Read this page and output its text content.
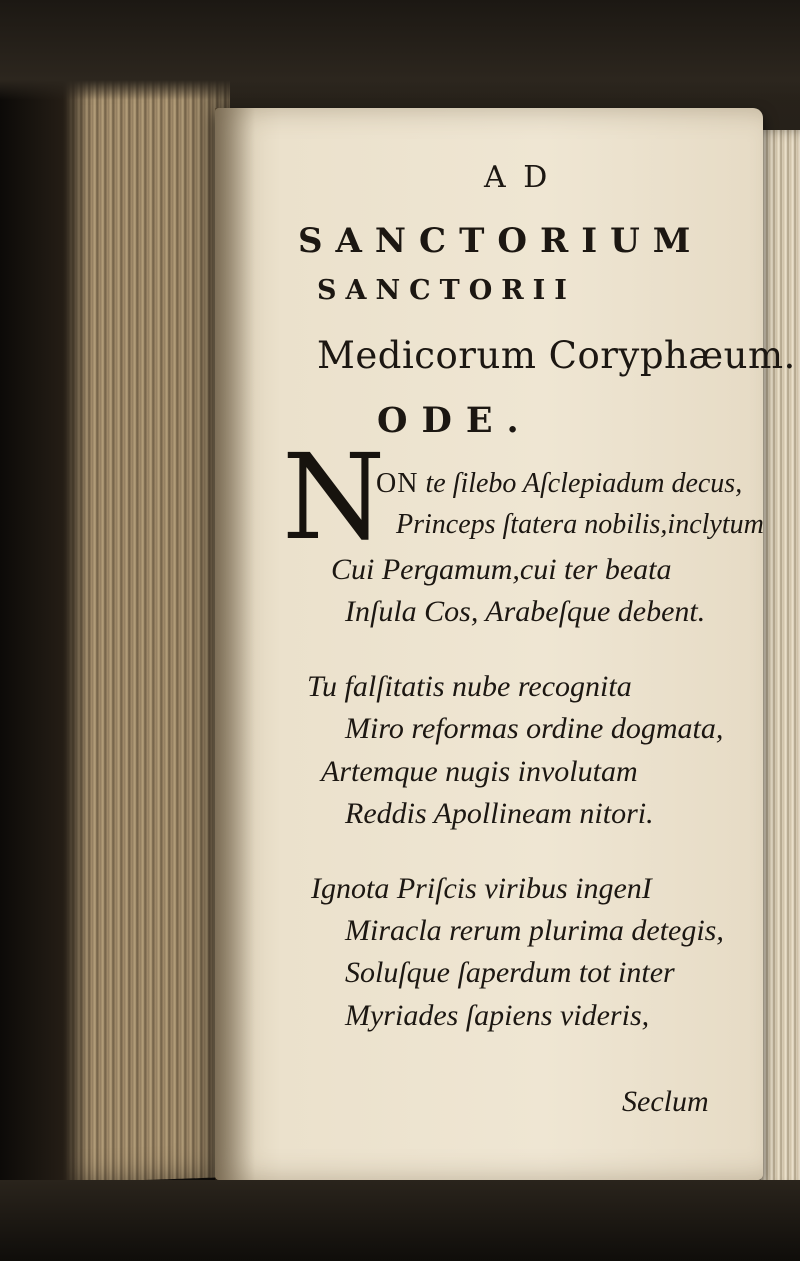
A D
SANCTORIUM
SANCTORII
Medicorum Coryphæum.
ODE.
N
ON te ſilebo Aſclepiadum decus,
Princeps ſtatera nobilis,inclytum
Cui Pergamum,cui ter beata
Inſula Cos, Arabeſque debent.
Tu falſitatis nube recognita
Miro reformas ordine dogmata,
Artemque nugis involutam
Reddis Apollineam nitori.
Ignota Priſcis viribus ingenI
Miracla rerum plurima detegis,
Soluſque ſaperdum tot inter
Myriades ſapiens videris,
Seclum
